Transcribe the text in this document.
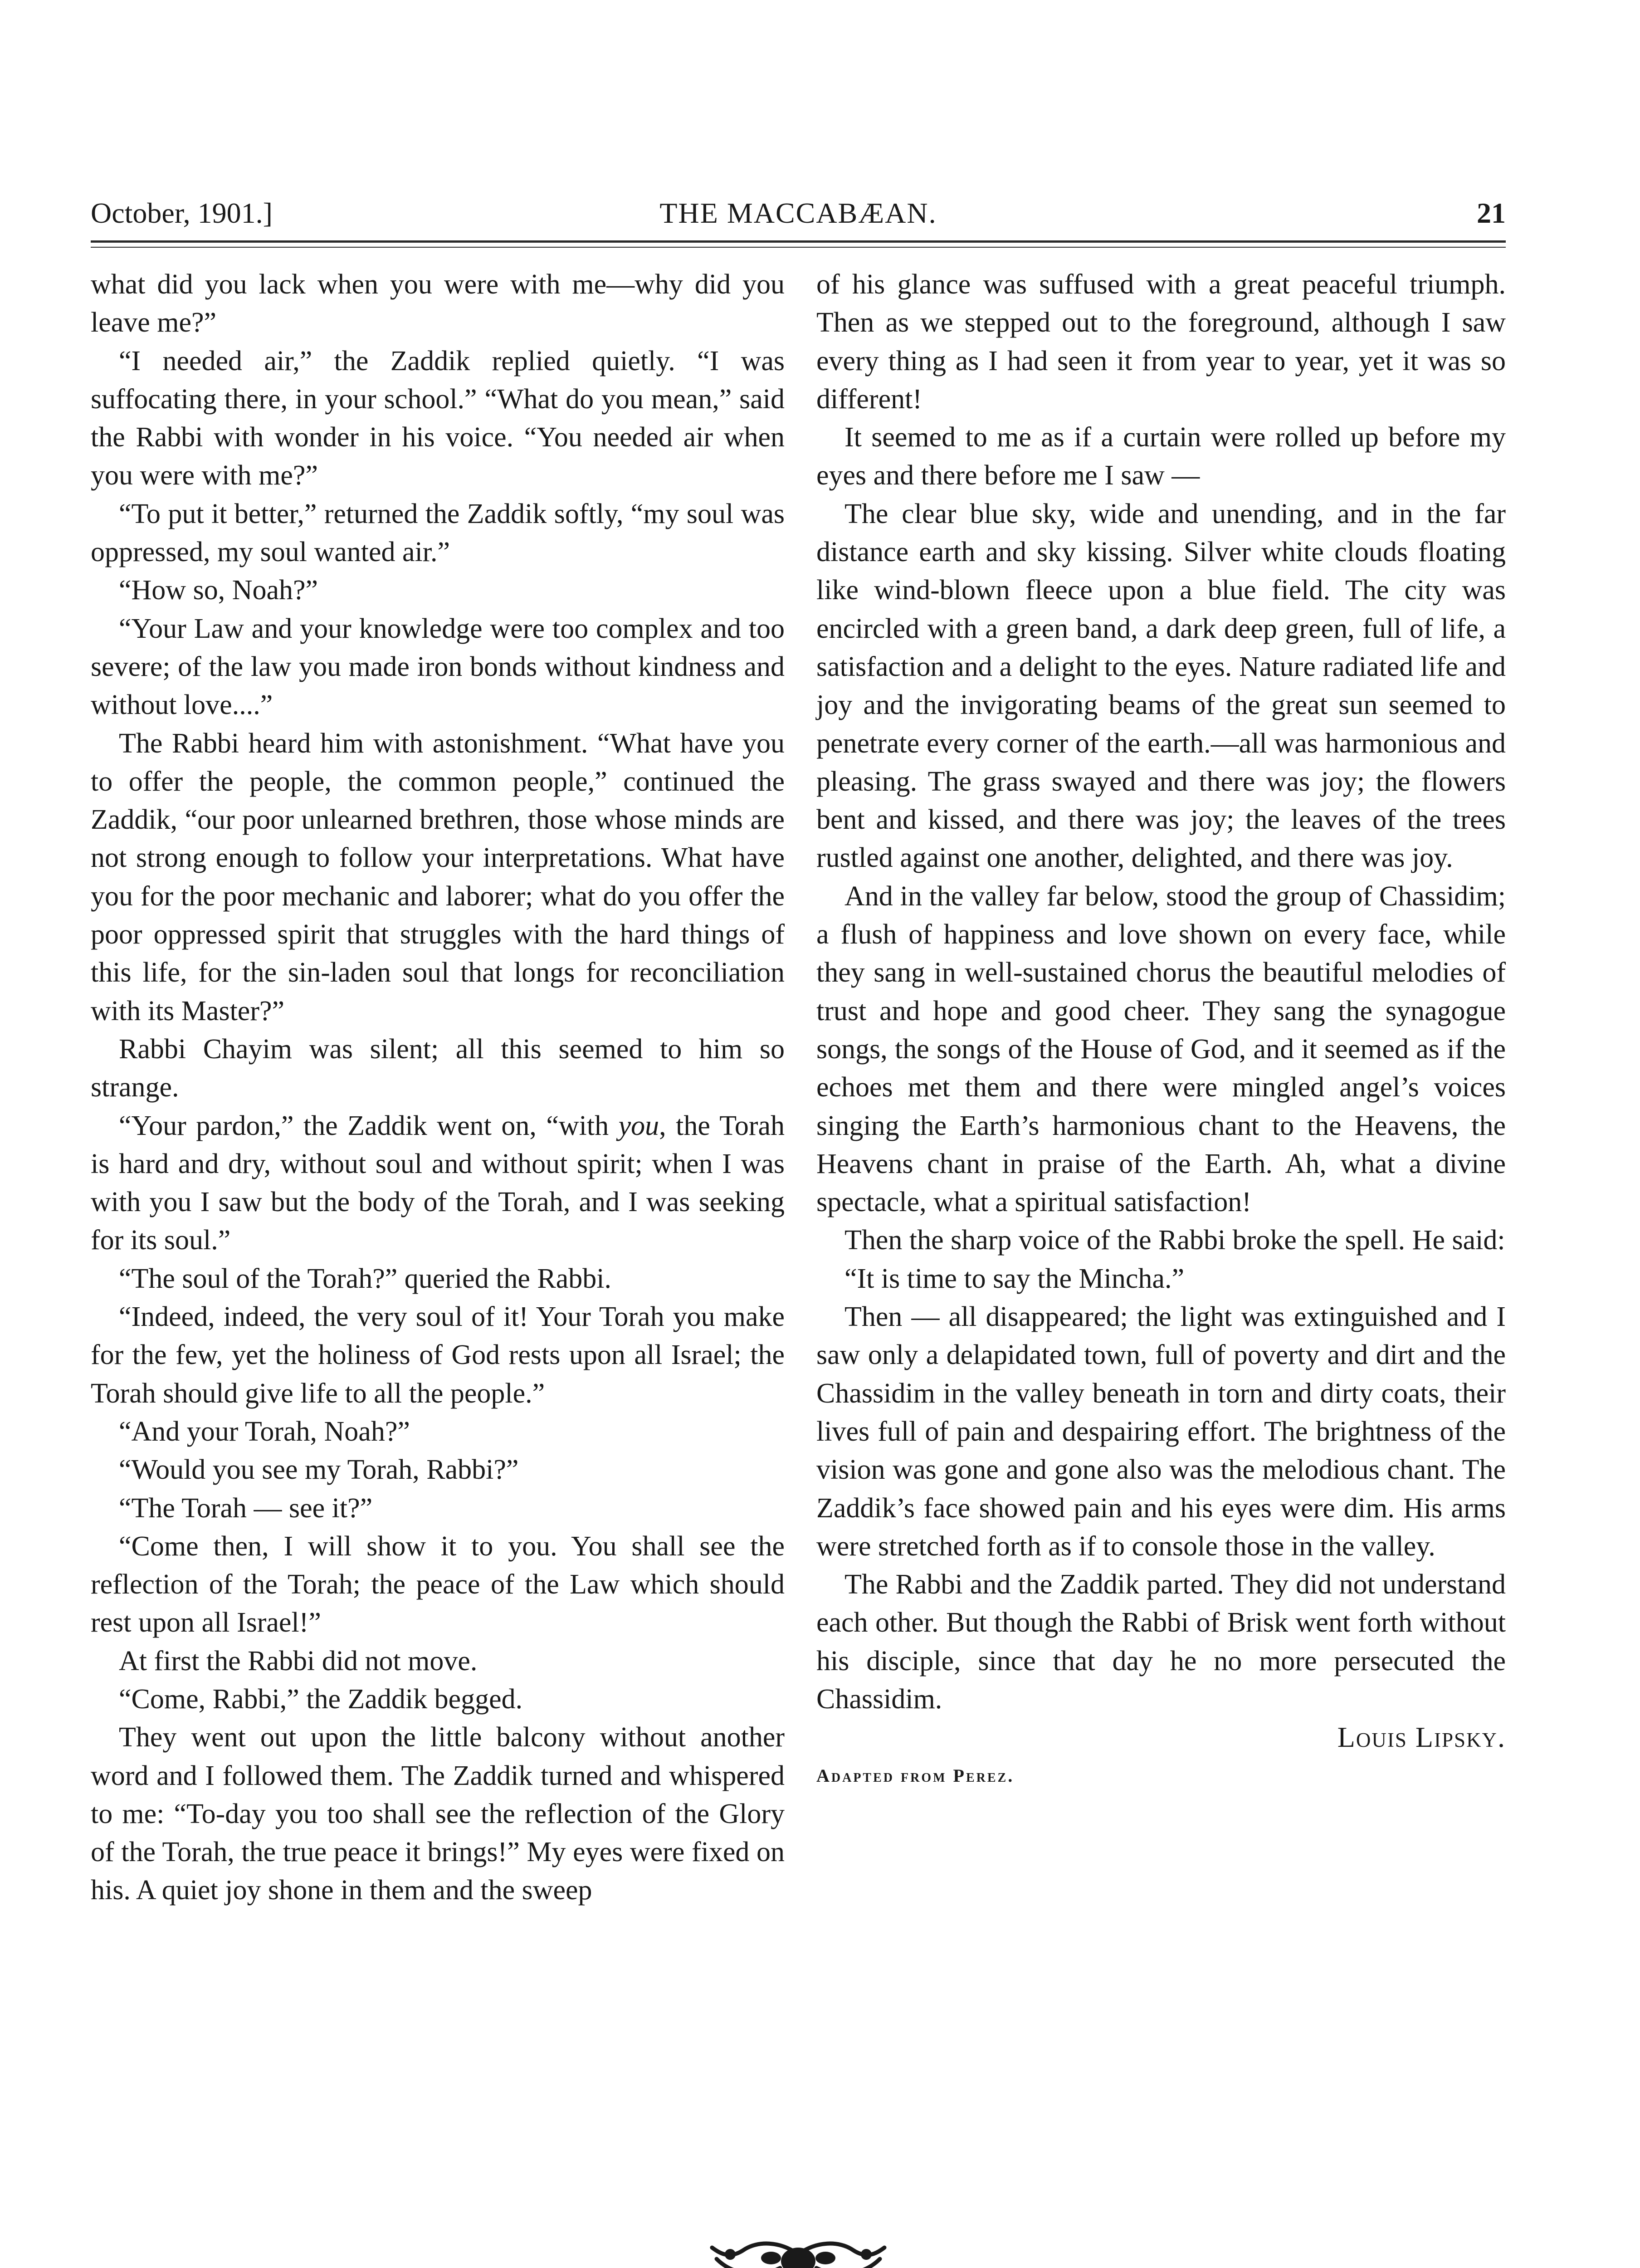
October, 1901.]	THE MACCABÆAN.	21

what did you lack when you were with me—why did you leave me?”

“I needed air,” the Zaddik replied quietly. “I was suffocating there, in your school.” “What do you mean,” said the Rabbi with wonder in his voice. “You needed air when you were with me?”

“To put it better,” returned the Zaddik softly, “my soul was oppressed, my soul wanted air.”

“How so, Noah?”

“Your Law and your knowledge were too complex and too severe; of the law you made iron bonds without kindness and without love....”

The Rabbi heard him with astonishment. “What have you to offer the people, the common people,” continued the Zaddik, “our poor unlearned brethren, those whose minds are not strong enough to follow your interpretations. What have you for the poor mechanic and laborer; what do you offer the poor oppressed spirit that struggles with the hard things of this life, for the sin-laden soul that longs for reconciliation with its Master?”

Rabbi Chayim was silent; all this seemed to him so strange.

“Your pardon,” the Zaddik went on, “with you, the Torah is hard and dry, without soul and without spirit; when I was with you I saw but the body of the Torah, and I was seeking for its soul.”

“The soul of the Torah?” queried the Rabbi.

“Indeed, indeed, the very soul of it! Your Torah you make for the few, yet the holiness of God rests upon all Israel; the Torah should give life to all the people.”

“And your Torah, Noah?”

“Would you see my Torah, Rabbi?”

“The Torah — see it?”

“Come then, I will show it to you. You shall see the reflection of the Torah; the peace of the Law which should rest upon all Israel!”

At first the Rabbi did not move.

“Come, Rabbi,” the Zaddik begged.

They went out upon the little balcony without another word and I followed them. The Zaddik turned and whispered to me: “To-day you too shall see the reflection of the Glory of the Torah, the true peace it brings!” My eyes were fixed on his. A quiet joy shone in them and the sweep

of his glance was suffused with a great peaceful triumph. Then as we stepped out to the foreground, although I saw every thing as I had seen it from year to year, yet it was so different!

It seemed to me as if a curtain were rolled up before my eyes and there before me I saw —

The clear blue sky, wide and unending, and in the far distance earth and sky kissing. Silver white clouds floating like wind-blown fleece upon a blue field. The city was encircled with a green band, a dark deep green, full of life, a satisfaction and a delight to the eyes. Nature radiated life and joy and the invigorating beams of the great sun seemed to penetrate every corner of the earth.—all was harmonious and pleasing. The grass swayed and there was joy; the flowers bent and kissed, and there was joy; the leaves of the trees rustled against one another, delighted, and there was joy.

And in the valley far below, stood the group of Chassidim; a flush of happiness and love shown on every face, while they sang in well-sustained chorus the beautiful melodies of trust and hope and good cheer. They sang the synagogue songs, the songs of the House of God, and it seemed as if the echoes met them and there were mingled angel’s voices singing the Earth’s harmonious chant to the Heavens, the Heavens chant in praise of the Earth. Ah, what a divine spectacle, what a spiritual satisfaction!

Then the sharp voice of the Rabbi broke the spell. He said:

“It is time to say the Mincha.”

Then — all disappeared; the light was extinguished and I saw only a delapidated town, full of poverty and dirt and the Chassidim in the valley beneath in torn and dirty coats, their lives full of pain and despairing effort. The brightness of the vision was gone and gone also was the melodious chant. The Zaddik’s face showed pain and his eyes were dim. His arms were stretched forth as if to console those in the valley.

The Rabbi and the Zaddik parted. They did not understand each other. But though the Rabbi of Brisk went forth without his disciple, since that day he no more persecuted the Chassidim.

Louis Lipsky.

Adapted from Perez.
